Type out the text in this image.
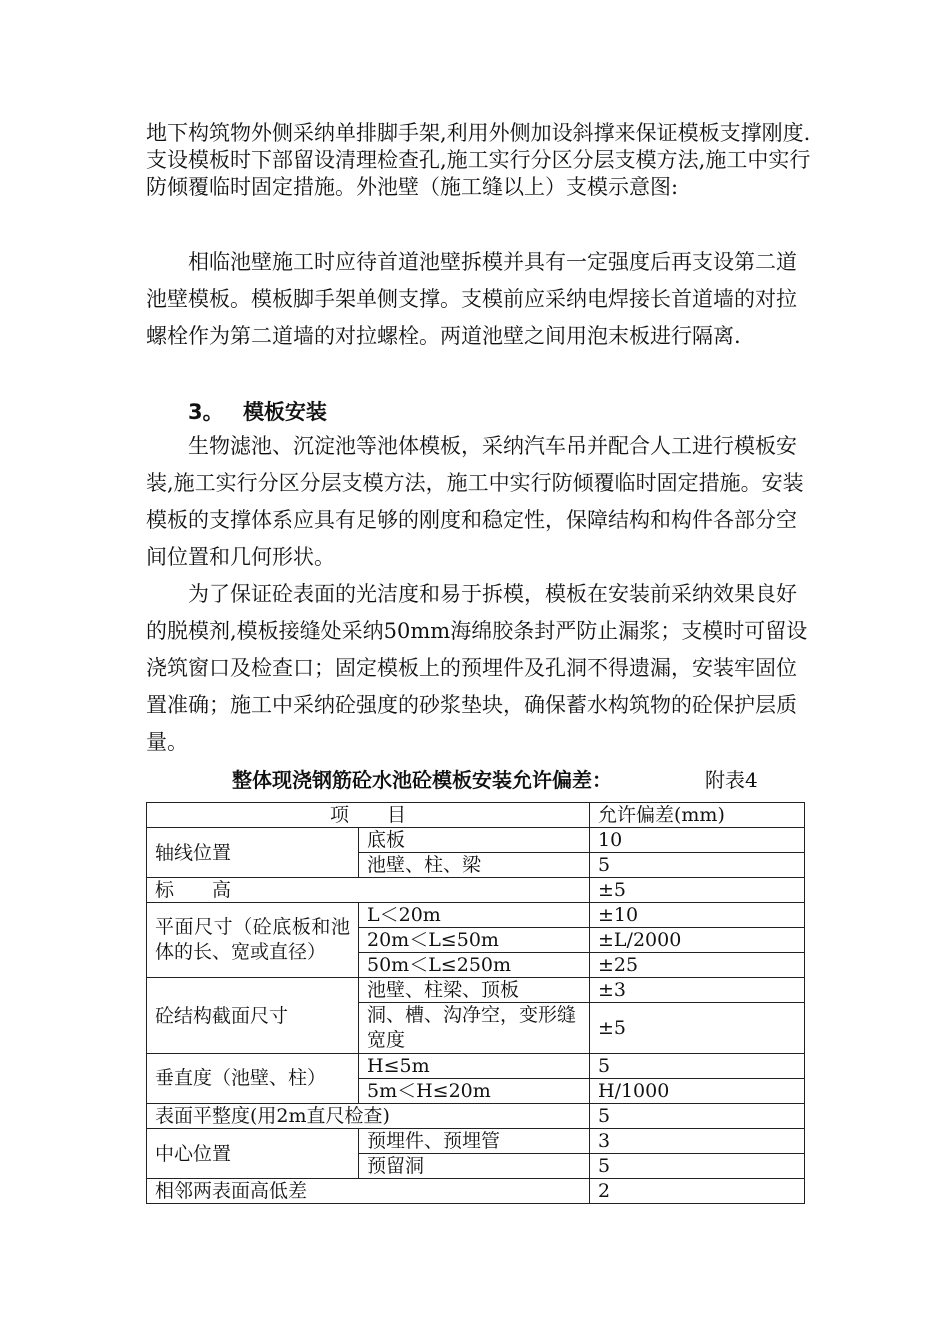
地下构筑物外侧采纳单排脚手架,利用外侧加设斜撑来保证模板支撑刚度.支设模板时下部留设清理检查孔,施工实行分区分层支模方法,施工中实行防倾覆临时固定措施。外池壁（施工缝以上）支模示意图:

相临池壁施工时应待首道池壁拆模并具有一定强度后再支设第二道池壁模板。模板脚手架单侧支撑。支模前应采纳电焊接长首道墙的对拉螺栓作为第二道墙的对拉螺栓。两道池壁之间用泡末板进行隔离.

3。 模板安装

生物滤池、沉淀池等池体模板，采纳汽车吊并配合人工进行模板安装,施工实行分区分层支模方法，施工中实行防倾覆临时固定措施。安装模板的支撑体系应具有足够的刚度和稳定性，保障结构和构件各部分空间位置和几何形状。

为了保证砼表面的光洁度和易于拆模，模板在安装前采纳效果良好的脱模剂,模板接缝处采纳50mm海绵胶条封严防止漏浆；支模时可留设浇筑窗口及检查口；固定模板上的预埋件及孔洞不得遗漏，安装牢固位置准确；施工中采纳砼强度的砂浆垫块，确保蓄水构筑物的砼保护层质量。

整体现浇钢筋砼水池砼模板安装允许偏差：	附表4

项　　目		允许偏差(mm)
轴线位置	底板	10
	池壁、柱、梁	5
标　　高		±5
平面尺寸（砼底板和池体的长、宽或直径）	L＜20m	±10
	20m＜L≤50m	±L/2000
	50m＜L≤250m	±25
砼结构截面尺寸	池壁、柱梁、顶板	±3
	洞、槽、沟净空，变形缝宽度	±5
垂直度（池壁、柱）	H≤5m	5
	5m＜H≤20m	H/1000
表面平整度(用2m直尺检查)		5
中心位置	预埋件、预埋管	3
	预留洞	5
相邻两表面高低差		2
